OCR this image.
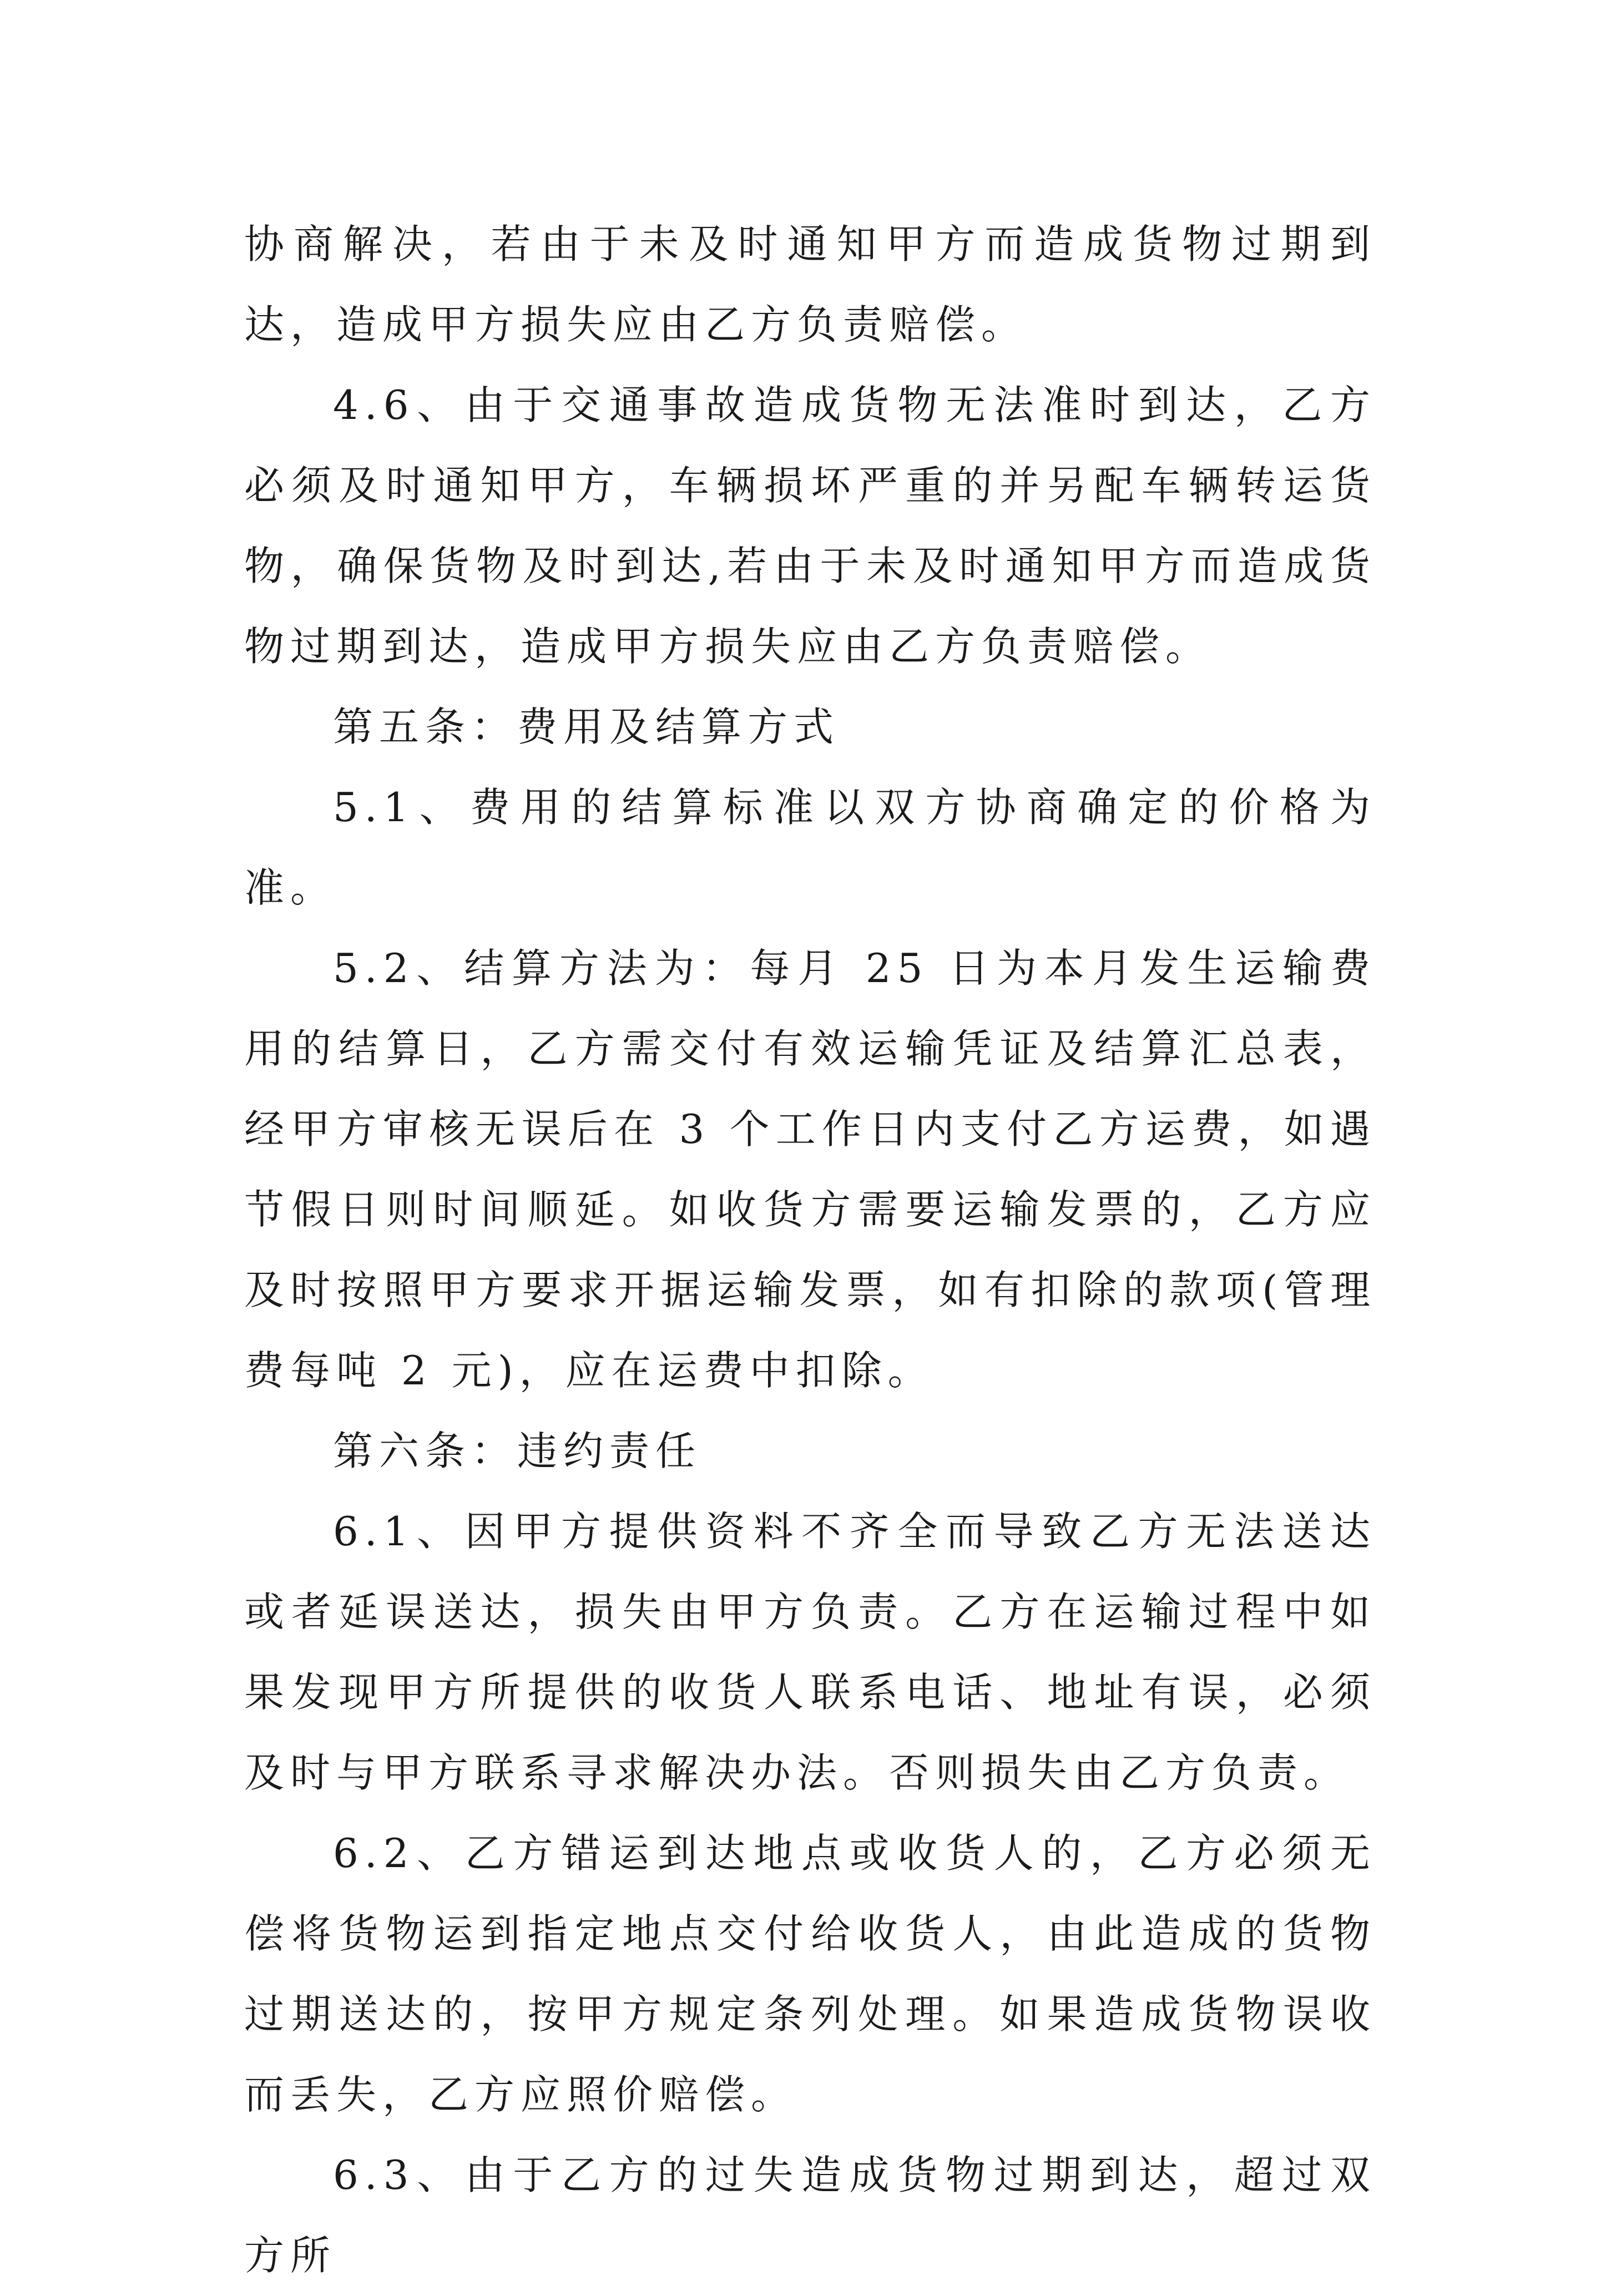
协商解决，若由于未及时通知甲方而造成货物过期到达，造成甲方损失应由乙方负责赔偿。

4.6、由于交通事故造成货物无法准时到达，乙方必须及时通知甲方，车辆损坏严重的并另配车辆转运货物，确保货物及时到达,若由于未及时通知甲方而造成货物过期到达，造成甲方损失应由乙方负责赔偿。

第五条：费用及结算方式

5.1、费用的结算标准以双方协商确定的价格为准。

5.2、结算方法为：每月 25 日为本月发生运输费用的结算日，乙方需交付有效运输凭证及结算汇总表，经甲方审核无误后在 3 个工作日内支付乙方运费，如遇节假日则时间顺延。如收货方需要运输发票的，乙方应及时按照甲方要求开据运输发票，如有扣除的款项(管理费每吨 2 元)，应在运费中扣除。

第六条：违约责任

6.1、因甲方提供资料不齐全而导致乙方无法送达或者延误送达，损失由甲方负责。乙方在运输过程中如果发现甲方所提供的收货人联系电话、地址有误，必须及时与甲方联系寻求解决办法。否则损失由乙方负责。

6.2、乙方错运到达地点或收货人的，乙方必须无偿将货物运到指定地点交付给收货人，由此造成的货物过期送达的，按甲方规定条列处理。如果造成货物误收而丢失，乙方应照价赔偿。

6.3、由于乙方的过失造成货物过期到达，超过双方所
